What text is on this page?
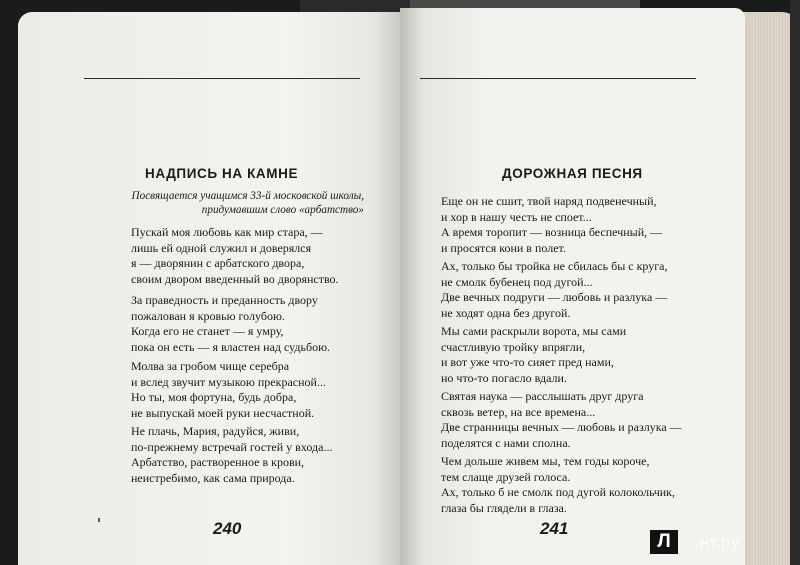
НАДПИСЬ НА КАМНЕ
Посвящается учащимся 33-й московской школы,
придумавшим слово «арбатство»
Пускай моя любовь как мир стара, —
лишь ей одной служил и доверялся
я — дворянин с арбатского двора,
своим двором введенный во дворянство.
За праведность и преданность двору
пожалован я кровью голубою.
Когда его не станет — я умру,
пока он есть — я властен над судьбою.
Молва за гробом чище серебра
и вслед звучит музыкою прекрасной...
Но ты, моя фортуна, будь добра,
не выпускай моей руки несчастной.
Не плачь, Мария, радуйся, живи,
по-прежнему встречай гостей у входа...
Арбатство, растворенное в крови,
неистребимо, как сама природа.
240
ДОРОЖНАЯ ПЕСНЯ
Еще он не сшит, твой наряд подвенечный,
и хор в нашу честь не споет...
А время торопит — возница беспечный, —
и просятся кони в полет.
Ах, только бы тройка не сбилась бы с круга,
не смолк бубенец под дугой...
Две вечных подруги — любовь и разлука —
не ходят одна без другой.
Мы сами раскрыли ворота, мы сами
счастливую тройку впрягли,
и вот уже что-то сияет пред нами,
но что-то погасло вдали.
Святая наука — расслышать друг друга
сквозь ветер, на все времена...
Две странницы вечных — любовь и разлука —
поделятся с нами сполна.
Чем дольше живем мы, тем годы короче,
тем слаще друзей голоса.
Ах, только б не смолк под дугой колокольчик,
глаза бы глядели в глаза.
241
Л ...нт.ру
